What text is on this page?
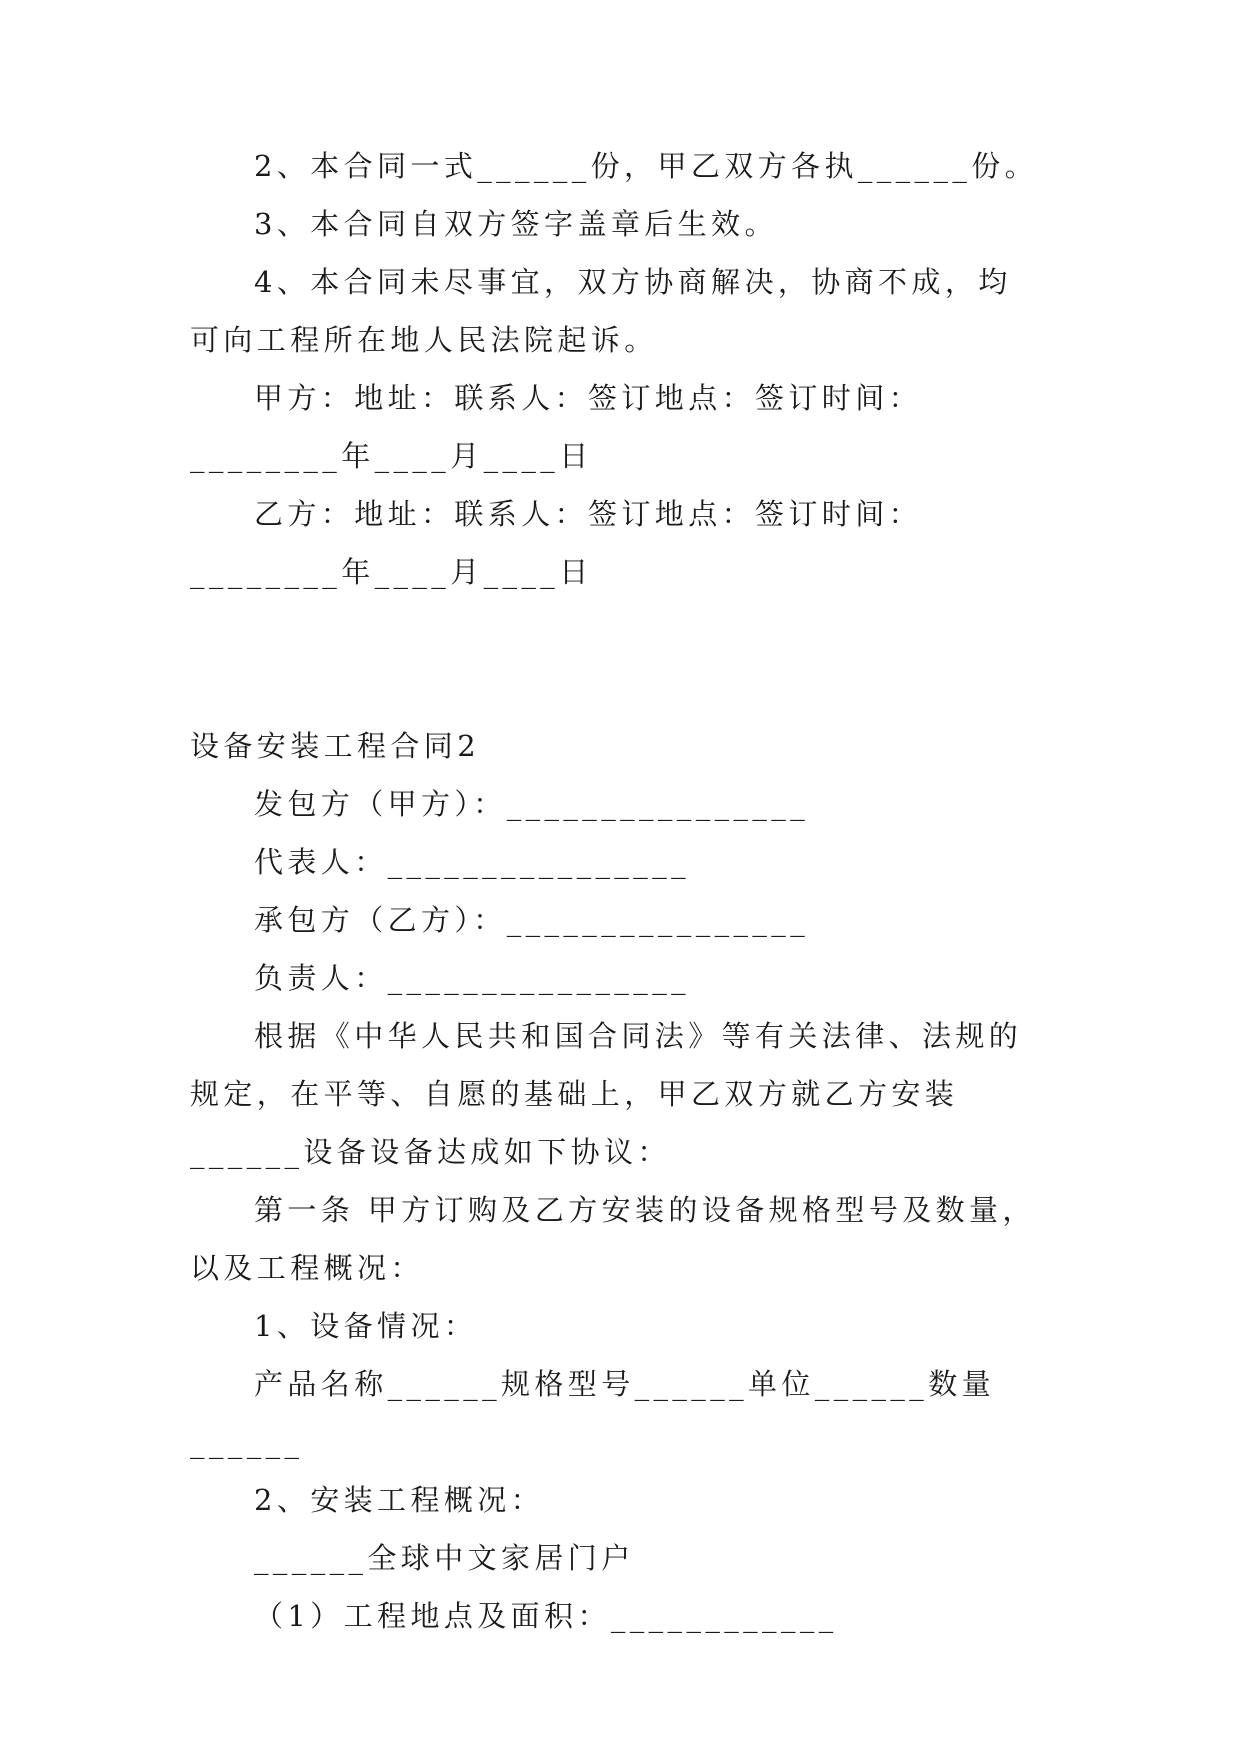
2、本合同一式______份，甲乙双方各执______份。

3、本合同自双方签字盖章后生效。

4、本合同未尽事宜，双方协商解决，协商不成，均可向工程所在地人民法院起诉。

甲方：地址：联系人：签订地点：签订时间：________年____月____日

乙方：地址：联系人：签订地点：签订时间：________年____月____日

设备安装工程合同2

发包方（甲方）：________________

代表人：________________

承包方（乙方）：________________

负责人：________________

根据《中华人民共和国合同法》等有关法律、法规的规定，在平等、自愿的基础上，甲乙双方就乙方安装______设备设备达成如下协议：

第一条 甲方订购及乙方安装的设备规格型号及数量，以及工程概况：

1、设备情况：

产品名称______规格型号______单位______数量______

2、安装工程概况：

______全球中文家居门户

（1）工程地点及面积：____________
